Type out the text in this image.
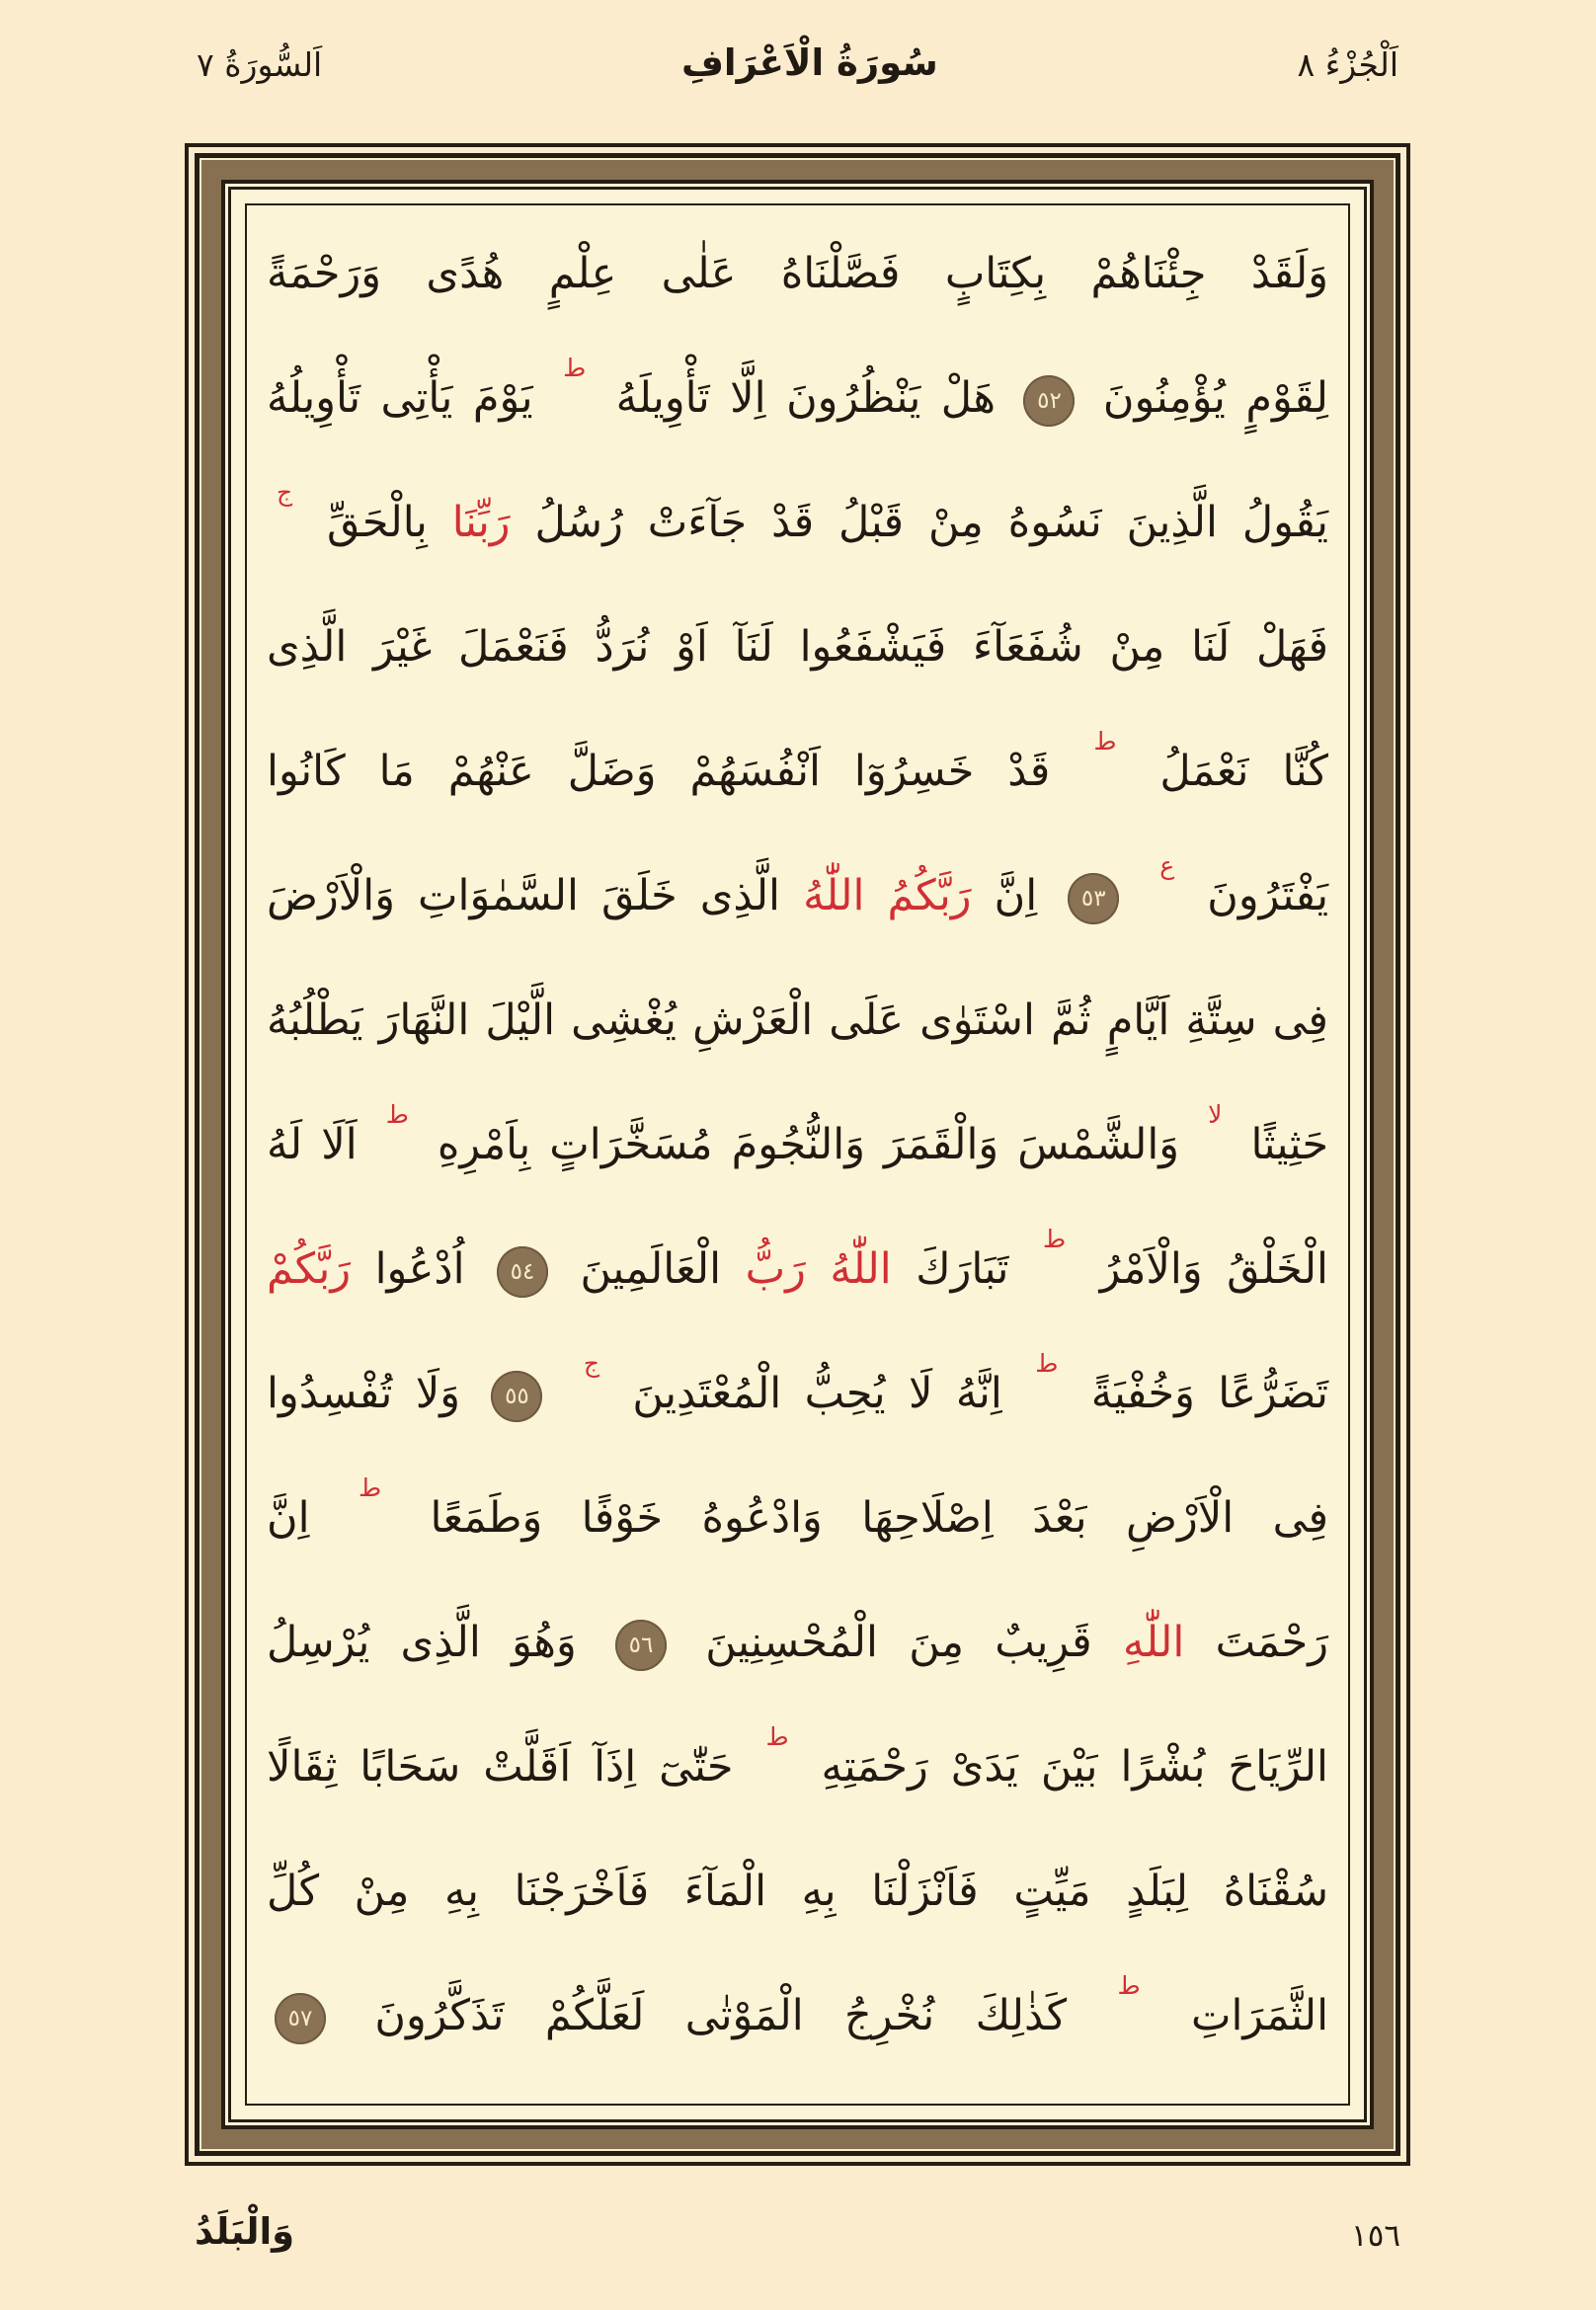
اَلْجُزْءُ ٨
سُورَةُ الْاَعْرَافِ
اَلسُّورَةُ ٧
وَلَقَدْ جِئْنَاهُمْ بِكِتَابٍ فَصَّلْنَاهُ عَلٰى عِلْمٍ هُدًى وَرَحْمَةً
لِقَوْمٍ يُؤْمِنُونَ ٥٢ هَلْ يَنْظُرُونَ اِلَّا تَأْوِيلَهُ ط يَوْمَ يَأْتِى تَأْوِيلُهُ
يَقُولُ الَّذِينَ نَسُوهُ مِنْ قَبْلُ قَدْ جَآءَتْ رُسُلُ رَبِّنَا بِالْحَقِّ ج
فَهَلْ لَنَا مِنْ شُفَعَآءَ فَيَشْفَعُوا لَنَآ اَوْ نُرَدُّ فَنَعْمَلَ غَيْرَ الَّذِى
كُنَّا نَعْمَلُ ط قَدْ خَسِرُوٓا اَنْفُسَهُمْ وَضَلَّ عَنْهُمْ مَا كَانُوا
يَفْتَرُونَ ع ٥٣ اِنَّ رَبَّكُمُ اللّٰهُ الَّذِى خَلَقَ السَّمٰوَاتِ وَالْاَرْضَ
فِى سِتَّةِ اَيَّامٍ ثُمَّ اسْتَوٰى عَلَى الْعَرْشِ يُغْشِى الَّيْلَ النَّهَارَ يَطْلُبُهُ
حَثِيثًا لا وَالشَّمْسَ وَالْقَمَرَ وَالنُّجُومَ مُسَخَّرَاتٍ بِاَمْرِهِ ط اَلَا لَهُ
الْخَلْقُ وَالْاَمْرُ ط تَبَارَكَ اللّٰهُ رَبُّ الْعَالَمِينَ ٥٤ اُدْعُوا رَبَّكُمْ
تَضَرُّعًا وَخُفْيَةً ط اِنَّهُ لَا يُحِبُّ الْمُعْتَدِينَ ج ٥٥ وَلَا تُفْسِدُوا
فِى الْاَرْضِ بَعْدَ اِصْلَاحِهَا وَادْعُوهُ خَوْفًا وَطَمَعًا ط اِنَّ
رَحْمَتَ اللّٰهِ قَرِيبٌ مِنَ الْمُحْسِنِينَ ٥٦ وَهُوَ الَّذِى يُرْسِلُ
الرِّيَاحَ بُشْرًا بَيْنَ يَدَىْ رَحْمَتِهِ ط حَتّٰىٓ اِذَآ اَقَلَّتْ سَحَابًا ثِقَالًا
سُقْنَاهُ لِبَلَدٍ مَيِّتٍ فَاَنْزَلْنَا بِهِ الْمَآءَ فَاَخْرَجْنَا بِهِ مِنْ كُلِّ
الثَّمَرَاتِ ط كَذٰلِكَ نُخْرِجُ الْمَوْتٰى لَعَلَّكُمْ تَذَكَّرُونَ ٥٧
١٥٦
وَالْبَلَدُ
